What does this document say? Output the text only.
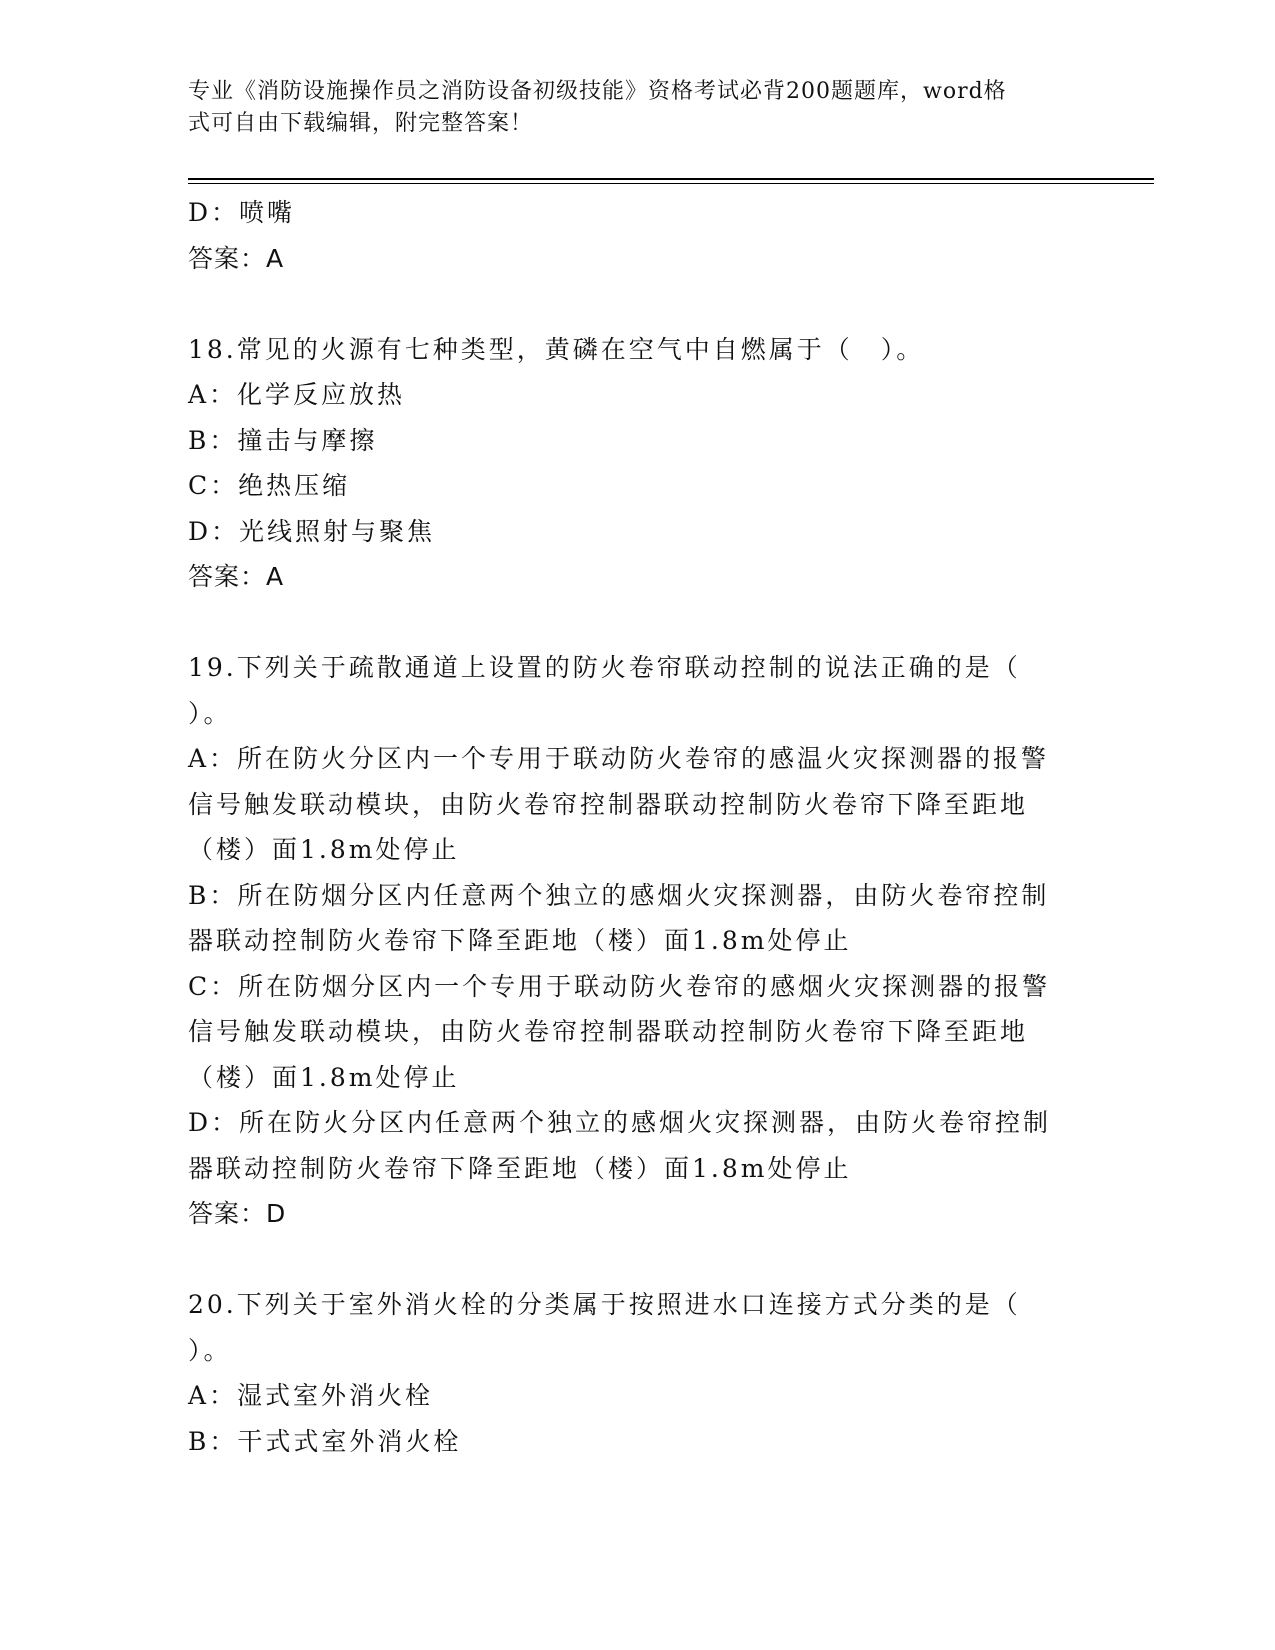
专业《消防设施操作员之消防设备初级技能》资格考试必背200题题库，word格
式可自由下载编辑，附完整答案！
D：喷嘴
答案：A
18.常见的火源有七种类型，黄磷在空气中自燃属于（　）。
A：化学反应放热
B：撞击与摩擦
C：绝热压缩
D：光线照射与聚焦
答案：A
19.下列关于疏散通道上设置的防火卷帘联动控制的说法正确的是（
）。
A：所在防火分区内一个专用于联动防火卷帘的感温火灾探测器的报警
信号触发联动模块，由防火卷帘控制器联动控制防火卷帘下降至距地
（楼）面1.8m处停止
B：所在防烟分区内任意两个独立的感烟火灾探测器，由防火卷帘控制
器联动控制防火卷帘下降至距地（楼）面1.8m处停止
C：所在防烟分区内一个专用于联动防火卷帘的感烟火灾探测器的报警
信号触发联动模块，由防火卷帘控制器联动控制防火卷帘下降至距地
（楼）面1.8m处停止
D：所在防火分区内任意两个独立的感烟火灾探测器，由防火卷帘控制
器联动控制防火卷帘下降至距地（楼）面1.8m处停止
答案：D
20.下列关于室外消火栓的分类属于按照进水口连接方式分类的是（
）。
A：湿式室外消火栓
B：干式式室外消火栓
